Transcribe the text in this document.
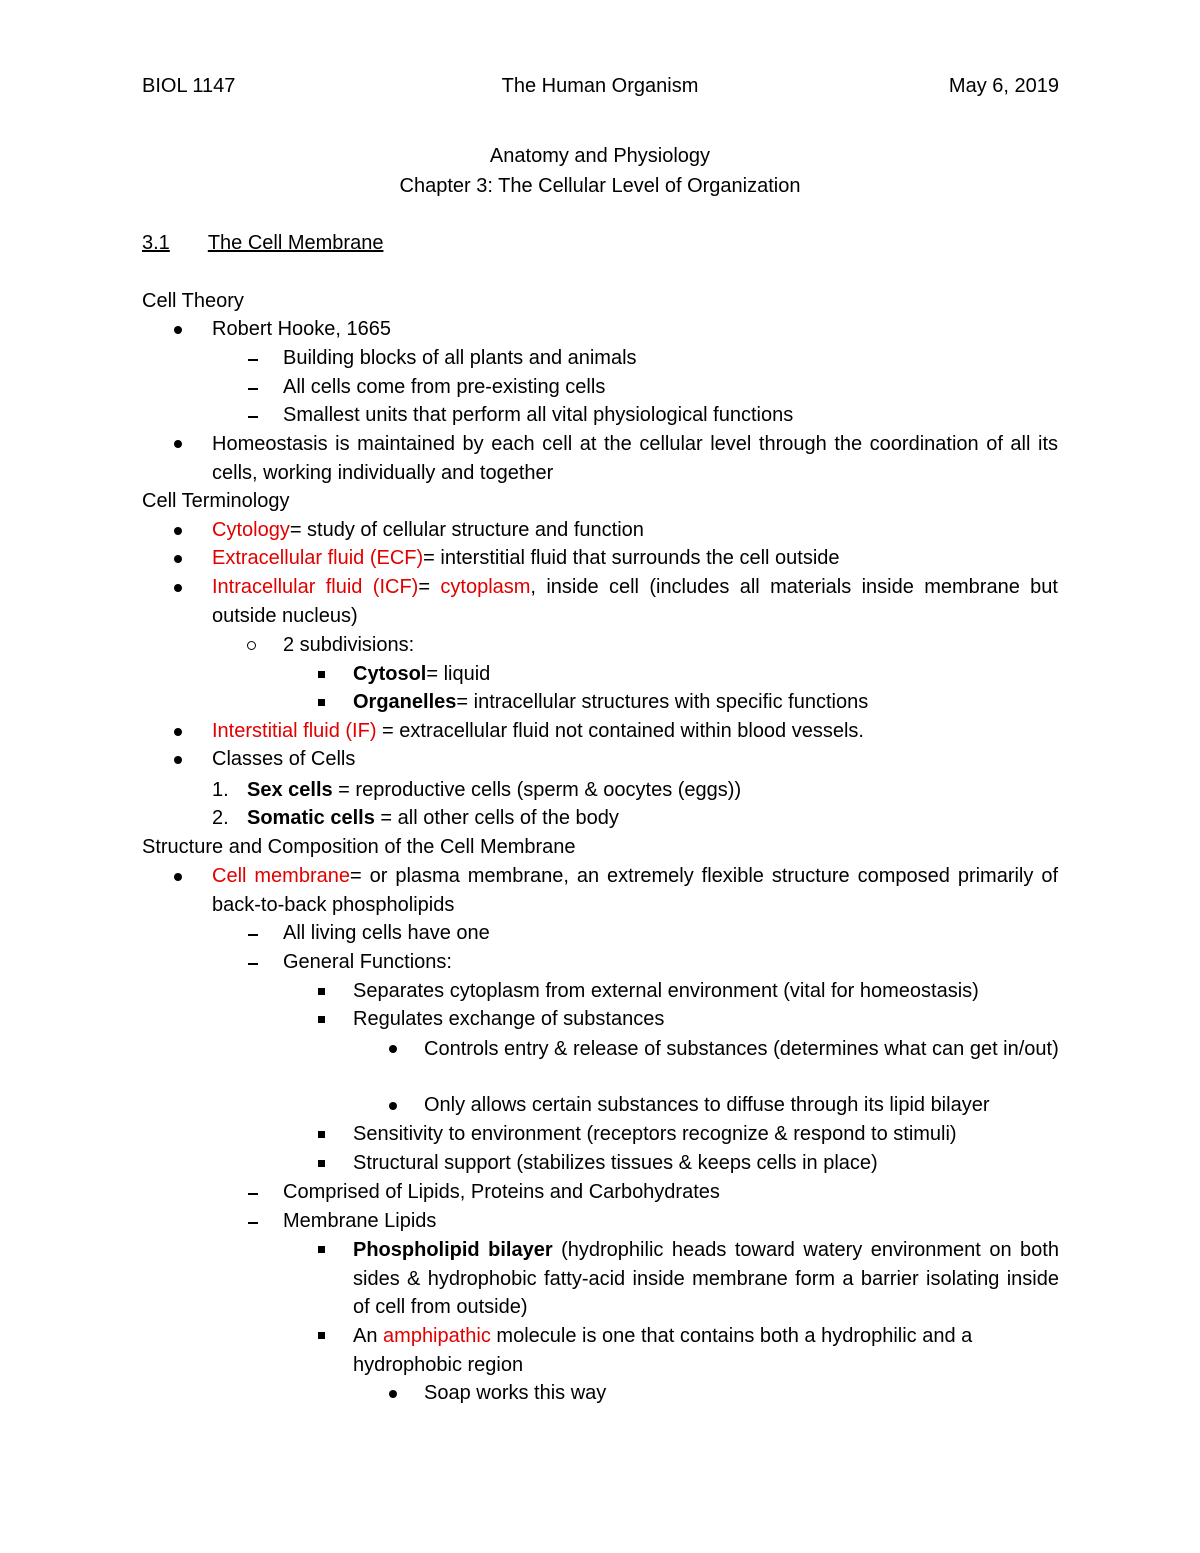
BIOL 1147	The Human Organism	May 6, 2019
Anatomy and Physiology
Chapter 3: The Cellular Level of Organization
3.1 The Cell Membrane
Cell Theory
Robert Hooke, 1665
Building blocks of all plants and animals
All cells come from pre-existing cells
Smallest units that perform all vital physiological functions
Homeostasis is maintained by each cell at the cellular level through the coordination of all its cells, working individually and together
Cell Terminology
Cytology= study of cellular structure and function
Extracellular fluid (ECF)= interstitial fluid that surrounds the cell outside
Intracellular fluid (ICF)= cytoplasm, inside cell (includes all materials inside membrane but outside nucleus)
2 subdivisions:
Cytosol= liquid
Organelles= intracellular structures with specific functions
Interstitial fluid (IF) = extracellular fluid not contained within blood vessels.
Classes of Cells
1. Sex cells = reproductive cells (sperm & oocytes (eggs))
2. Somatic cells = all other cells of the body
Structure and Composition of the Cell Membrane
Cell membrane= or plasma membrane, an extremely flexible structure composed primarily of back-to-back phospholipids
All living cells have one
General Functions:
Separates cytoplasm from external environment (vital for homeostasis)
Regulates exchange of substances
Controls entry & release of substances (determines what can get in/out)
Only allows certain substances to diffuse through its lipid bilayer
Sensitivity to environment (receptors recognize & respond to stimuli)
Structural support (stabilizes tissues & keeps cells in place)
Comprised of Lipids, Proteins and Carbohydrates
Membrane Lipids
Phospholipid bilayer (hydrophilic heads toward watery environment on both sides & hydrophobic fatty-acid inside membrane form a barrier isolating inside of cell from outside)
An amphipathic molecule is one that contains both a hydrophilic and a hydrophobic region
Soap works this way
